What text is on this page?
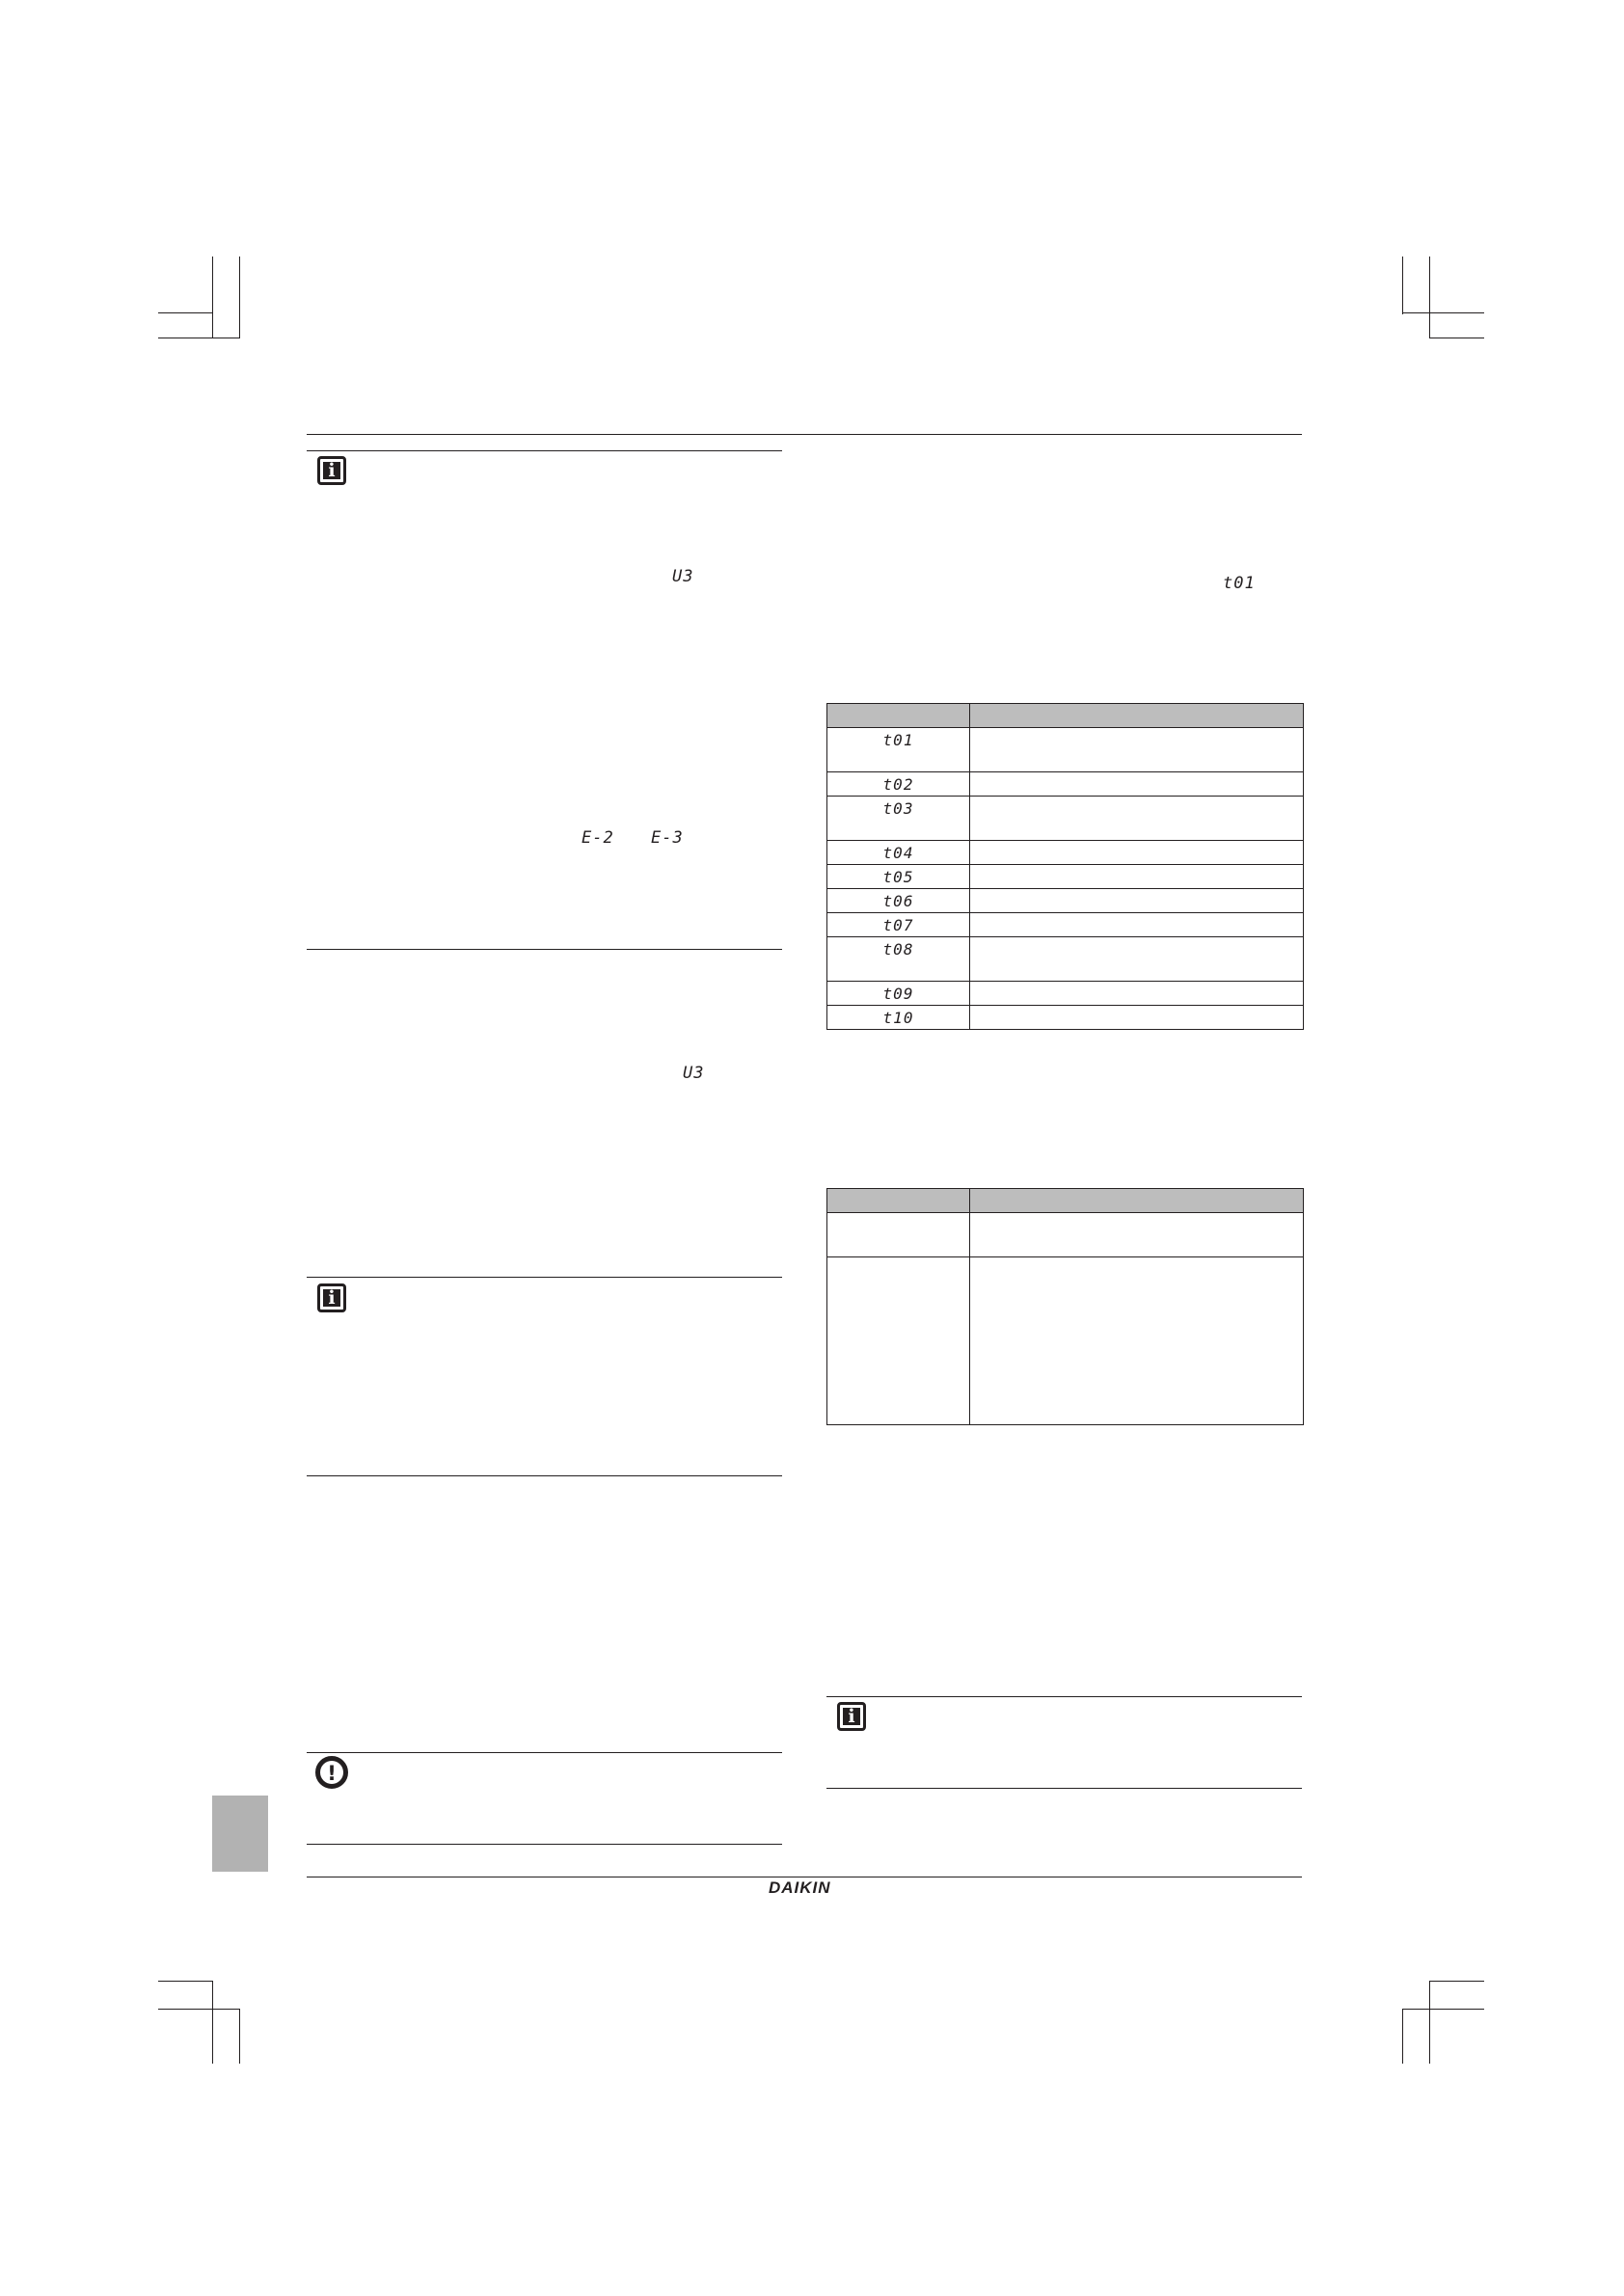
i
U3
E-2 E-3
U3
i
!
t01

t01	
t02	
t03	
t04	
t05	
t06	
t07	
t08	
t09	
t10	

i
DAIKIN
